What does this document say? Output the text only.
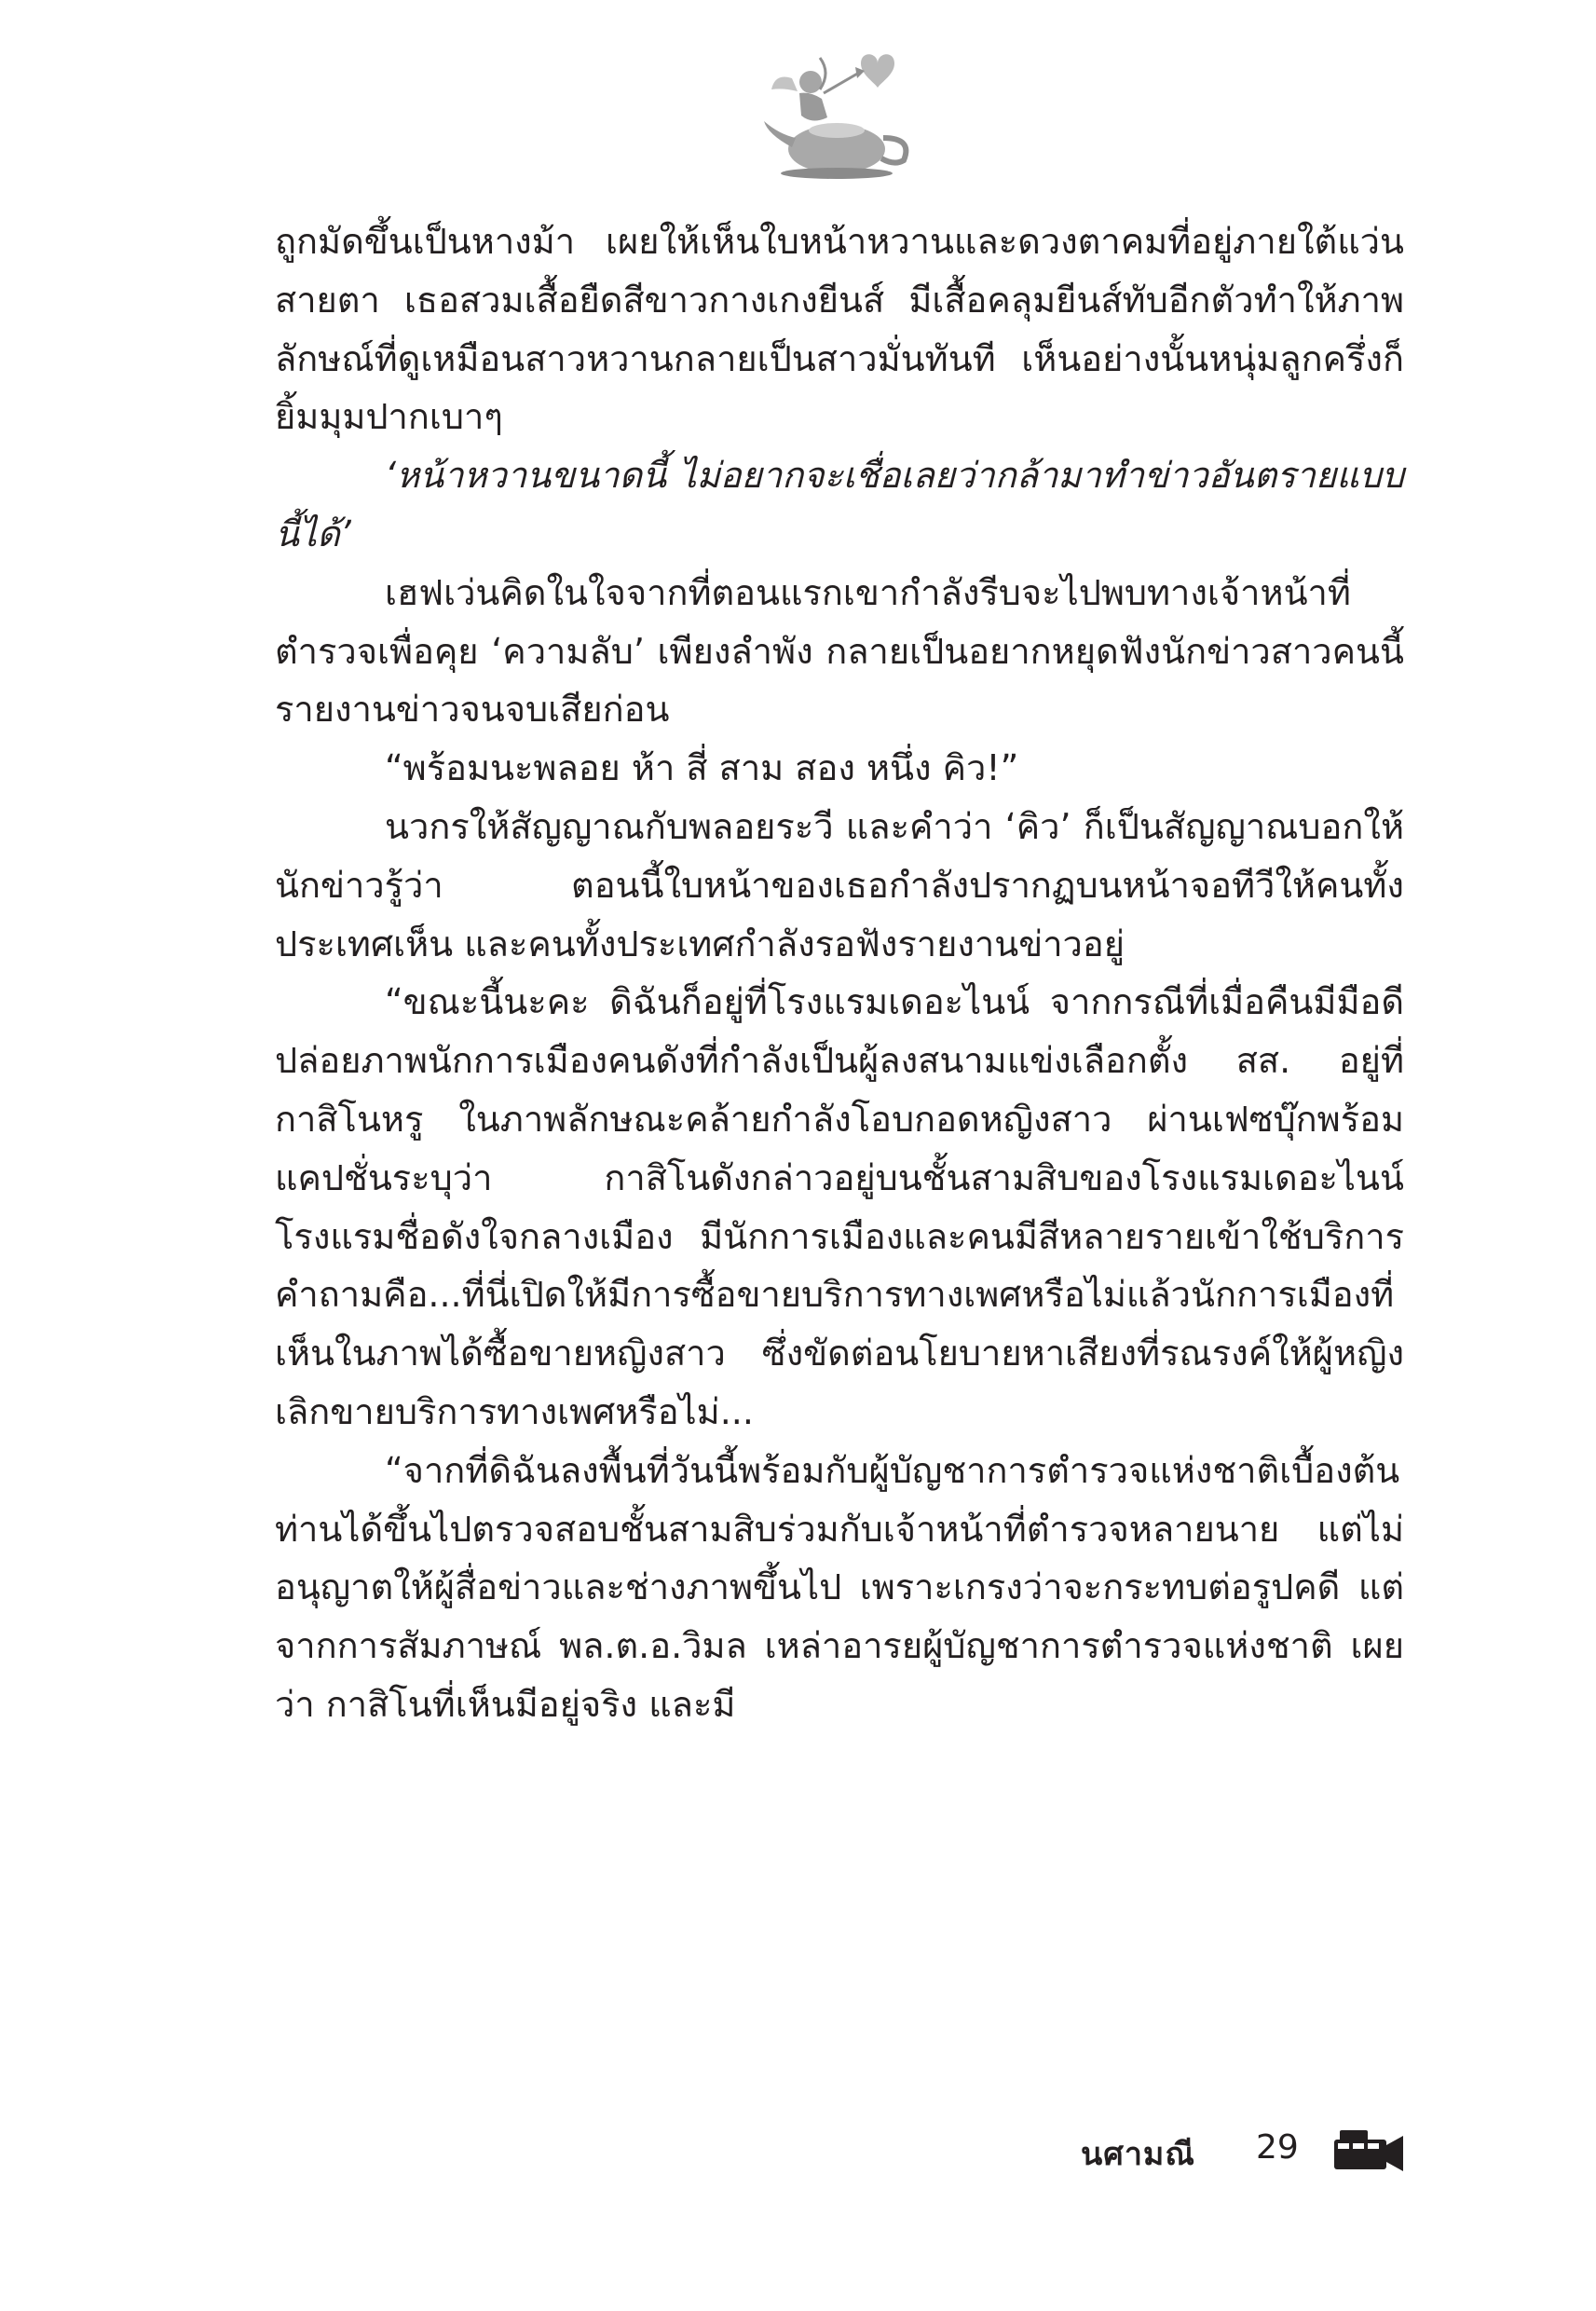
ถูกมัดขึ้นเป็นหางม้า เผยให้เห็นใบหน้าหวานและดวงตาคมที่อยู่ภายใต้แว่นสายตา เธอสวมเสื้อยืดสีขาวกางเกงยีนส์ มีเสื้อคลุมยีนส์ทับอีกตัวทำให้ภาพลักษณ์ที่ดูเหมือนสาวหวานกลายเป็นสาวมั่นทันที เห็นอย่างนั้นหนุ่มลูกครึ่งก็ยิ้มมุมปากเบาๆ

‘หน้าหวานขนาดนี้ ไม่อยากจะเชื่อเลยว่ากล้ามาทำข่าวอันตรายแบบนี้ได้’

เฮฟเว่นคิดในใจจากที่ตอนแรกเขากำลังรีบจะไปพบทางเจ้าหน้าที่ตำรวจเพื่อคุย ‘ความลับ’ เพียงลำพัง กลายเป็นอยากหยุดฟังนักข่าวสาวคนนี้รายงานข่าวจนจบเสียก่อน

“พร้อมนะพลอย ห้า สี่ สาม สอง หนึ่ง คิว!”

นวกรให้สัญญาณกับพลอยระวี และคำว่า ‘คิว’ ก็เป็นสัญญาณบอกให้นักข่าวรู้ว่า ตอนนี้ใบหน้าของเธอกำลังปรากฏบนหน้าจอทีวีให้คนทั้งประเทศเห็น และคนทั้งประเทศกำลังรอฟังรายงานข่าวอยู่

“ขณะนี้นะคะ ดิฉันก็อยู่ที่โรงแรมเดอะไนน์ จากกรณีที่เมื่อคืนมีมือดีปล่อยภาพนักการเมืองคนดังที่กำลังเป็นผู้ลงสนามแข่งเลือกตั้ง สส. อยู่ที่กาสิโนหรู ในภาพลักษณะคล้ายกำลังโอบกอดหญิงสาว ผ่านเฟซบุ๊กพร้อมแคปชั่นระบุว่า กาสิโนดังกล่าวอยู่บนชั้นสามสิบของโรงแรมเดอะไนน์ โรงแรมชื่อดังใจกลางเมือง มีนักการเมืองและคนมีสีหลายรายเข้าใช้บริการ คำถามคือ...ที่นี่เปิดให้มีการซื้อขายบริการทางเพศหรือไม่แล้วนักการเมืองที่เห็นในภาพได้ซื้อขายหญิงสาว ซึ่งขัดต่อนโยบายหาเสียงที่รณรงค์ให้ผู้หญิงเลิกขายบริการทางเพศหรือไม่...

“จากที่ดิฉันลงพื้นที่วันนี้พร้อมกับผู้บัญชาการตำรวจแห่งชาติเบื้องต้น ท่านได้ขึ้นไปตรวจสอบชั้นสามสิบร่วมกับเจ้าหน้าที่ตำรวจหลายนาย แต่ไม่อนุญาตให้ผู้สื่อข่าวและช่างภาพขึ้นไป เพราะเกรงว่าจะกระทบต่อรูปคดี แต่จากการสัมภาษณ์ พล.ต.อ.วิมล เหล่าอารยผู้บัญชาการตำรวจแห่งชาติ เผยว่า กาสิโนที่เห็นมีอยู่จริง และมี

นศามณี 29
